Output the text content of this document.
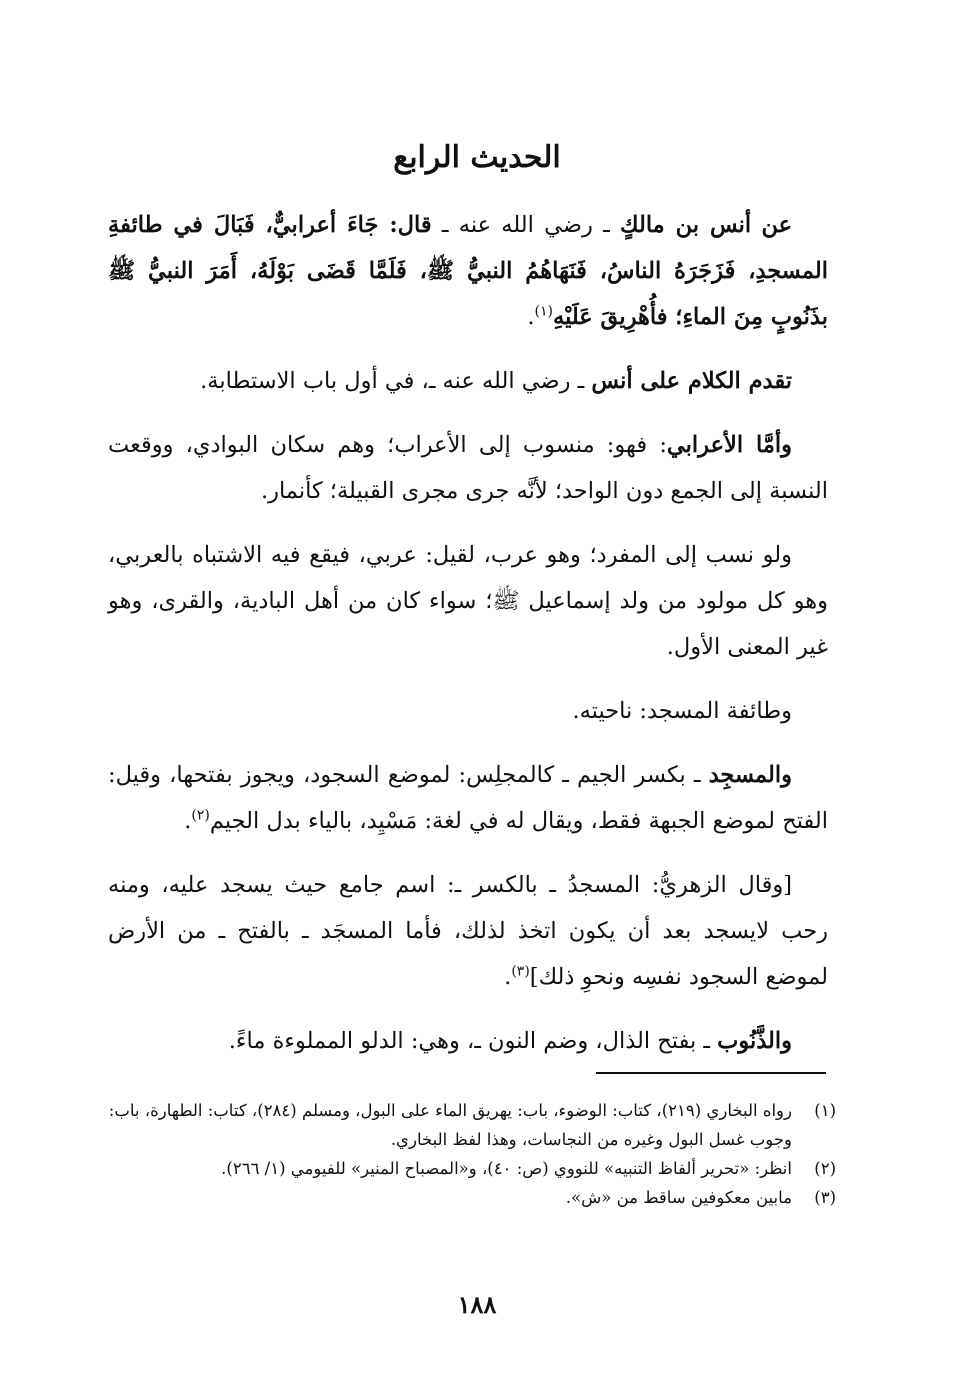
الحديث الرابع

عن أنس بن مالكٍ ـ رضي الله عنه ـ قال: جَاءَ أعرابيٌّ، فَبَالَ في طائفةِ المسجدِ، فَزَجَرَهُ الناسُ، فَنَهَاهُمُ النبيُّ ﷺ، فَلَمَّا قَضَى بَوْلَهُ، أَمَرَ النبيُّ ﷺ بذَنُوبٍ مِنَ الماءِ؛ فأُهْرِيقَ عَلَيْهِ$^{(١)}$.

تقدم الكلام على أنس ـ رضي الله عنه ـ، في أول باب الاستطابة.

وأمَّا الأعرابي: فهو: منسوب إلى الأعراب؛ وهم سكان البوادي، ووقعت النسبة إلى الجمع دون الواحد؛ لأنَّه جرى مجرى القبيلة؛ كأنمار.

ولو نسب إلى المفرد؛ وهو عرب، لقيل: عربي، فيقع فيه الاشتباه بالعربي، وهو كل مولود من ولد إسماعيل ﷺ؛ سواء كان من أهل البادية، والقرى، وهو غير المعنى الأول.

وطائفة المسجد: ناحيته.

والمسجِد ـ بكسر الجيم ـ كالمجلِس: لموضع السجود، ويجوز بفتحها، وقيل: الفتح لموضع الجبهة فقط، ويقال له في لغة: مَسْيِد، بالياء بدل الجيم$^{(٢)}$.

[وقال الزهريُّ: المسجدُ ـ بالكسر ـ: اسم جامع حيث يسجد عليه، ومنه رحب لايسجد بعد أن يكون اتخذ لذلك، فأما المسجَد ـ بالفتح ـ من الأرض لموضع السجود نفسِه ونحوِ ذلك]$^{(٣)}$.

والذَّنُوب ـ بفتح الذال، وضم النون ـ، وهي: الدلو المملوءة ماءً.

(١)
رواه البخاري (٢١٩)، كتاب: الوضوء، باب: يهريق الماء على البول، ومسلم (٢٨٤)، كتاب: الطهارة، باب: وجوب غسل البول وغيره من النجاسات، وهذا لفظ البخاري.
(٢)
انظر: «تحرير ألفاظ التنبيه» للنووي (ص: ٤٠)، و«المصباح المنير» للفيومي (١/ ٢٦٦).
(٣)
مابين معكوفين ساقط من «ش».
١٨٨
